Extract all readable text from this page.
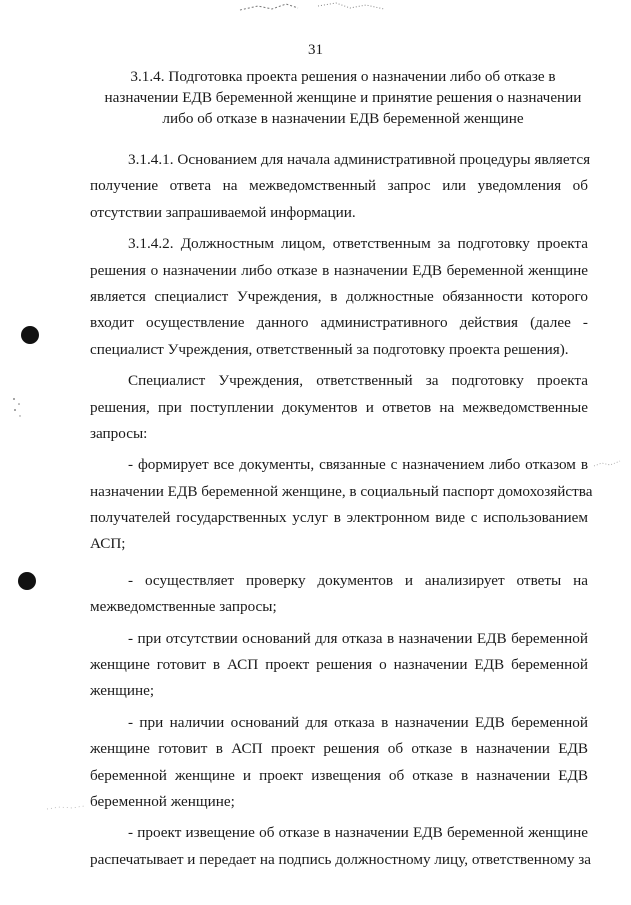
31
3.1.4. Подготовка проекта решения о назначении либо об отказе в
назначении ЕДВ беременной женщине и принятие решения о назначении
либо об отказе в назначении ЕДВ беременной женщине

3.1.4.1. Основанием для начала административной процедуры является
получение ответа на межведомственный запрос или уведомления об
отсутствии запрашиваемой информации.

3.1.4.2. Должностным лицом, ответственным за подготовку проекта
решения о назначении либо отказе в назначении ЕДВ беременной женщине
является специалист Учреждения, в должностные обязанности которого
входит осуществление данного административного действия (далее -
специалист Учреждения, ответственный за подготовку проекта решения).

Специалист Учреждения, ответственный за подготовку проекта
решения, при поступлении документов и ответов на межведомственные
запросы:

- формирует все документы, связанные с назначением либо отказом в
назначении ЕДВ беременной женщине, в социальный паспорт домохозяйства
получателей государственных услуг в электронном виде с использованием
АСП;

- осуществляет проверку документов и анализирует ответы на
межведомственные запросы;

- при отсутствии оснований для отказа в назначении ЕДВ беременной
женщине готовит в АСП проект решения о назначении ЕДВ беременной
женщине;

- при наличии оснований для отказа в назначении ЕДВ беременной
женщине готовит в АСП проект решения об отказе в назначении ЕДВ
беременной женщине и проект извещения об отказе в назначении ЕДВ
беременной женщине;

- проект извещение об отказе в назначении ЕДВ беременной женщине
распечатывает и передает на подпись должностному лицу, ответственному за
